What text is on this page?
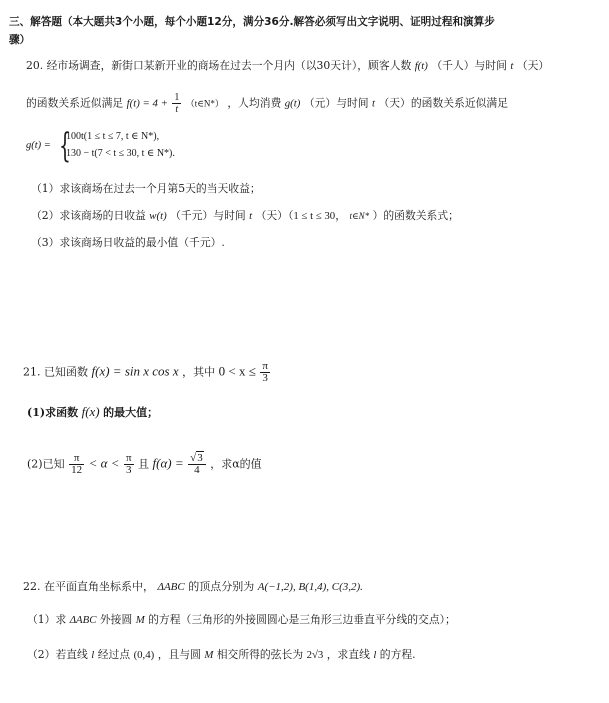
三、解答题（本大题共3个小题，每个小题12分，满分36分.解答必须写出文字说明、证明过程和演算步
骤）
20. 经市场调查，新街口某新开业的商场在过去一个月内（以30天计），顾客人数 f(t) （千人）与时间 t （天）
的函数关系近似满足 $f(t) = 4 + \frac{1}{t}$ （t∈N*） ，人均消费 g(t) （元）与时间 t （天）的函数关系近似满足
g(t) = {
100t(1 ≤ t ≤ 7, t ∈ N*),
130 − t(7 < t ≤ 30, t ∈ N*).
（1）求该商场在过去一个月第5天的当天收益；
（2）求该商场的日收益 w(t) （千元）与时间 t （天）（1 ≤ t ≤ 30， t∈N* ）的函数关系式；
（3）求该商场日收益的最小值（千元）.
21. 已知函数 f(x) = sin x cos x ，其中 $0 < x \le \frac{\pi}{3}$
(1)求函数 f(x) 的最大值；
(2)已知 $\frac{\pi}{12} < \alpha < \frac{\pi}{3}$ 且 $f(\alpha) = \frac{√3}{4}$ ，求α的值
22. 在平面直角坐标系中， ΔABC 的顶点分别为 A(−1,2), B(1,4), C(3,2).
（1）求 ΔABC 外接圆 M 的方程（三角形的外接圆圆心是三角形三边垂直平分线的交点）；
（2）若直线 l 经过点 (0,4) ，且与圆 M 相交所得的弦长为 2√3 ，求直线 l 的方程.
